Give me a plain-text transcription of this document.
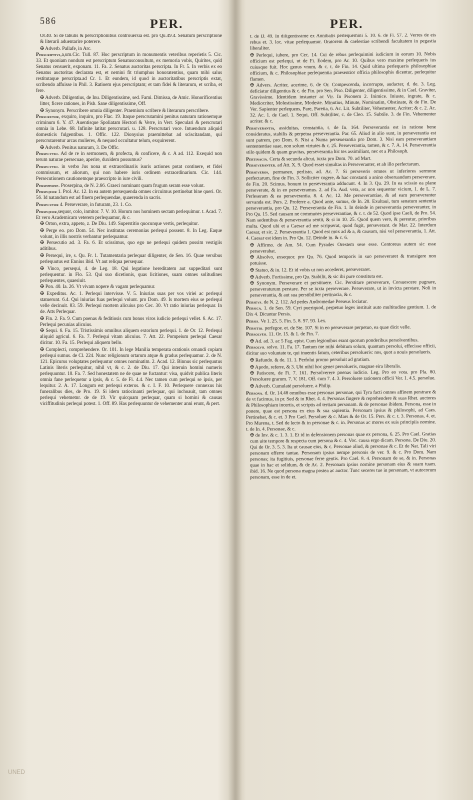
586	PER.	PER.

Or.40. Si de tabulis & perscriptionibus controuersia est. pro Qu.49.4. Senatum perscriptione & literarii aduentarire poterere.

✠ Adverb. Pallafe, in Arc.

Perscriptivs,a,um.Cic. Tull. 87. Hoc perscriptum in monumentis veteribus reperietis 5. Cic. 33. Et quoniam nondum est perscriptum Senatusconsultum, ex memoria vobis, Quirites, quid Senatus censuerit, exponam. 11. Fa. 2. Senatus auctoritas perscripta. In Fr. 5. In verbis ex eo Senatus auctoritas declarata est, et nemini fit triumphus honoratentius, quam mihi salus restitutaque perscripta.ad Cr. 1. Et eundem, id quod in auctoritatibus perscriptis extat, scribendo affuisse in Phil. 3. Ratioem ejus perscriptam; et tam fidei & literarum, et scriba, et fere.

✠ Adverb. Diligentius, de Inu. Diligentissime, sed. Fami. Dimissa, de Amic. Honorificentius litter, ficere rationes, in Pisb. Sane diligentissime, Off.

✠ Synonym. Perscribere omnia diligenter. Praemium scribere & literarum perscribere.

Perscrutor, exquiro, inquiro, pro Flac. 19. Itaque perscrutamini penitus naturam rationemque criminum 6. Y. 47. Auentisque Spoliatam Hectori & Verre, in Verr. Speculari & perscrutari omnia in Lebe. 68. Infinite latitat perscrutari. u. 128. Perscrutari voce. Intuendum aliquid domesticis fulgentibus. 1. Offic. 122. Dionysius praemittebat ad sciscitandam, qui perscrutarentur arcas mulieres, & nequod occultatur telum, exquirerent.

✠ Adverb. Penitus naturam, 3. De Offic.

Persecvtio. Ad de re in sermonem, & profecta, & conficere, & c. A ad. 112. Exequid non terum naturae persecuae, aperire, duxidem possumus?

Persecvtio. in verbo Jus nona ut extraordinariis isuris actiones potat continere, et fidei commissum, et aliorum, qui non habere iuris ordinem extraordinarium. Cic. 144. Persecutionem cautionemque praescripto in iure civili.

Persephone. Proserpina, de N. 2.66. Graeci nominant quam frugum seram esse volunt.

Persequor 1. Prol. Ac. 12. In ea autem persequenda omnes circuimus pertinebat bine queri. Or. 56. Id natandum est ad finem perlequendae, quaerenda in sacris.

Persecutor 4. Perseverare, in futuram, 23. 1. Co.

Persequor,sequor, colo, inmitor. 7. V. 10. Horum nos hominem sectam perlequimur. t. Acad. 7. Et vero Academicam veterem perlequamur, & c.

✠ Orton, extra, appeto, z. De Diu. 149. Superstitio quocunque vertis, perlequitur.

✠ Perge eo. pro Dom. 54. Nec institutas ceremonias perlequi possent. 8. In Leg. Eaque volunt, in illis nostris verbantur perlequamur.

✠ Persecutio ad. 3. Fa. 6. Et scissimus, quo ego ne perlequi quidem possim vestigiis aditibus.

✠ Persequi, ire, s. Qu. Fr. 1. Tutamentaria perlequar diligenter, de Sen. 16. Quae versibus perlequutus est Ennius ibid. Vt aut reliqua persequar.

✠ Vinco, persequi, 4. de Leg. 18. Qui legatione hereditatem aut suppeditari sunt perlequentur. in Flo. 53. Qui suo dicetionis, quas licitiones, suam omnes solitudines perlequentes, quaesiuit.

✠ Pon. 40. Ia. 26. Vt vivam nopere & vagam perlequamur.

✠ Expeditus. Ac. 1. Perlequi intervisse. V. 5. Iniurias suas per vos viriei ac perlequi statuerunt. 6.4. Qui iniurias fuas perlequi volunt. pro Dom. 49. Is mortem eius se perlequi velle decinuit. 83. 59. Perlequi mortem alicuius pro Cec. 30. Vt ratio iniurias perlequar. In de. Atts Perlequar.

✠ Fin. 2. Fa. 9. Cum poenas & feditiosis cum bonos viros iudicio perlequi vellet. 6. Ac. 17. Perlequi pecunias alicuius.

✠ Sequi. 6. Fa. 15. Tristissimis omnibus aliquem extorium perlequi. 1. de Or. 12. Perlequi aliquid agricul. 6. Fa. 7. Perlequi vitam alicuius. 7. Att. 22. Pompeium perlequi Caesar dicitur. 10. Fa. 15. Perlequi aliquem bello.

✠ Complecti, comprehendere. Or. 101. In lege Manilia temperata orationis ornandi copiam perlequi sumus. de Cl. 224. Nunc religionum ortarum atque & gradus perlequamur. 2. de N. 121. Epicurus voluptates perlequutur omnes nominatim. 2. Acad. 12. Binnus sic perlequutus Latinis literis perlequitur, nihil vt, & c. 2. de Diu. 17. Qui interuin homini numeris perlequuntur. 10. Fa. 7. Sed honestatem ne de quae ne fuctantur: visa, quidvit publica literis omnia fane perlequetur a ipsis, & c. 5. de Fi. 4.4. Nec tamen cum perlequi se ipsis, per lequitur. 2. A. 17. Longum est perlequi exteros. & c. I. F. 10. Perlequere connexus his funeralibus dies, de Pro. 19. Si idem ratiocinanti perlequar, qui inchoauit, tam omnes perlequi vehemetnr. de de 19. Vir quicquam perlequar, quam si homini & causas viciffitudinis perlequi potest. 1. Off. 89. Has perlequuntur de vehementer anni erunt, & pert.

t. de D. 49. In diligentissime ex Annibalis perlequemini 5. 10. 6. de Fi. 57. 2. Verres de eis rebus et. 3. loc. vitae perlequamur. Oratorem & caelestiae scribendi facultatem in pegastia liberaliter.

✠ Perlequi, iubere, pro Cec. 14. Cui de rebus perlequimini iudicium in eorum 10. Nobis officium est perlequi, ut de Fi. Eodem, pro Ar. 10. Quibus vero maxime perlequeris ius cuiusque fuit. Hoc genus vnum, & c. t. de Fin. 14. Quid ultima perlequeris philosophiae officium, & c. Philosophiae perlequentia praesentior officia philosophis dicentur, perlequitur flamen.

✠ Advers. Acriter, acerime, 6. de Or. Compescenda, incorrupte, audacter, d. de. 3. Leg. deficiatur diligentius & c. de Fin. pro Sen. Piso. Diligenter, diligentissime, & in Cael. Graviter, Gravissime. Identidem instanter ac Vir. In Pisonem 2. Inimice. Iniuste, ingrate, & c. Mediocriter, Molestissime, Modeste. Minutius, Minute, Nominatim, Obstinate, & de Fin. De Ver. Sapienter perlequens, Pare, Paretia, 6. Ac. Lit. Subtiliter, Vehementer, Acriter; & c. 2. Ac. 32. Ac. 1. de Cael. 1. Sequi, Off. Subtiliter, c. de Cleo. 15. Subtile. 3. de Fin. Vehementer acriter. & c.

Perseverantia, assiduitas, constantia, t. de In. 164. Perseverantia est in ratione bene consideratus, stabilis & perpetua perseverantia. Par. 65. Aliud in alio sunt, in perseverantia est sunt patrem, pro Dom. 8. Nisi a Numa perseuerantia pro Dom. 3. Nisi eam perseverantiam sentententiae suae, non solum virtutes & c. 25. Perseverantia, tamen, & c. 7. A. 14. Perseverantia stilo quidem & quam gravitas, perseverantia hic tes assimiliant, nec et a Philosoph.

Pertinacia. Certa & secunda alicui, iuxta pro Dom. 70. ad Mart.

Perseveranter. ad Att. X. 9. Quod esset simultas in Perseveranter, et ab illo perfectarum.

Perseveros, permaneo, perlisto, ad. Ac. 7. Si perseveris omnes ut inferiores sermone perfectarum, fine de Fin. 3. Solliciter cogere, & hac constanti a anino obseruandum perseverare. de Fin. 20. Scimus, bonum in perseverantia adducunt. 4. In 3. Qu. 29. In ea scissio ea plane perseverate, & in eo perseveramus. 2. ad Fa. Aud. vera, ac non sequentur vicium, 1. de L. 7. Perleseram & ea perseverantia. 8. 4. Ac. 12. Me perseverantiae, & ad eam perseveranter servanda est. Pers. 2. Proferre a. Quod ante, sumus, de In. 20. Exultaui, tum senatum sententia perseverantia, pro Qu. 12. Perseverantia de Fin. 1. In deinde in perseverantia perseveranter, in Pro Qu. 15. Sed causam ne communes perseverantiae, & c. t. de 52. Quod ipse Caeli, de Pro. 54. Nam sedentibus & perseverantia sentit, & si in 10. 25. Quod quem vero, & pereutur, prioribus multa. Quod ubi et a Caesar ad me scripserat, quod fugit, perseverant. de Mar. 22. Interdum Caesar, et sic. 2. Perseverantia 1. Quod est mox ad & a, & causam, nisi vel perseverantia, 1. Att. 4. Caesar est idem in. Pro Qu. 12. Deinde in. & c. 6.

✠ Affirmo. de Am. 54. Cum Pyrades Orestem sese esse. Centoreus autem sic esse perseverabat.

✠ Absolvo, exsequor. pro Qu. 76. Quod temporis in suo perseveraret & transigere non potuisse.

✠ Statuo, & in. 12. Et id vobis ut non accederet, perseveraret.

✠ Adverb. Fortissime, pro Qu. Stabilit, & sic ibi pure constituta est.

✠ Synonym. Perseverare et perstituere. Cic. Perstitare perseverare, Corsuescere pugnare, perseveraturum perstare. Per se iuxta perseverare. Perseverare, ut in invicta perstare. Noli in perseverantia, & aut sua perstibiliter pertinacia, & c.

Persevs. de N. 2. 112. Ad pedes Andromedae Perseus lociatur.

Persica. 1. de Sen. 59. Cyri pueriquod, perpetuo leges instituit auto multitudine gentium. 1. de Dix 4. Dicuntur Persis.

Persis. Ve 1. 25. 5. Fin. 5. 8. 97. 93. Lex.

Persitio. perfegoe. et. de Ste. 107. Si in eo perseverare perpetuo, ea quae dicit velle.

Persolveo. 11. Or. 15. & 1. de Fin. 7.

✠ Ad. ad. 3. ac 5 Fag. epist. Cum legionibus erant quorum ponderibus persolventibus.

Persolvo. solvo. 11. Fa. 17. Tantum me mihi debitum solum, quantum persolui, effecisse officii, dicitur suo voluntate te, qui inuentis fatum, ceteribus persolueris: nos, quot a nouis persolueris.

✠ Refundo. & de. 11. 1. Perfolui promo persoluit ad gratiam.

✠ Apodo, referre, & 3. Ubi nihil hoc gener persolueris, magnae eira liberalis.

✠ Patiscere, de Fi. 7. 161. Persolverere poenas iudicio. Leg. Pro eo vota. pro Pla. 80. Persoluere grarum. 7. V. 181. Off. cum 7. 4. 3. Persoluere rationem officii Ver. 1. 4.5. persolue.

✠ Adverb. Cumulaté persoluere. a Philip.

Persona. d. Or. 14.48 omnibus esse personas personae, qui Tyra facti omnes affinem perstrare & de vt facimus, in pr. Sed & in Rhet. 4. 4. Personas fingere & reprehendere & suas Rhet. auctores & Philosophiam incertis, et scriptis ad tertiam personam. & de personae ibidem. Persona, esse in ponere, quae est persona ex eius & sua sapientia. Personam ipsius & philosophi, ad Caes. Pertinebat, & c. et. 3 Pro Cael. Persoluer & c. Mars & de Or. 15. Pers. & c. t. 3. Personas, 4. et. Pro Murena, t. Sed de lecto & in personae & c. in. Personas ac mores ex suis principiis nomine. t. de In. 4. Personae, & c.

✠ de Inv. & c. 1. 3. 1. Et id in defensionem personas quae ex persona, 6. 25. Pro Cael. Gratias cum uite tempore & respecta cum persona & c. 4. Voc. causa ergo dicam. Persona. De Diu. 20. Qui de Or. 3. 5. 3. Ita ut causae eius, & c. Personae aliud, & personae & c. Et de Nat. Tali viri personam efferre tantae. Personam ipsius nempe personis de ver. 9. & c. Pro Dom. Nam personas; ita fugitiuis, personae ferre gentis. Pro Cael. 8. 4. Personam de se, & in. Personas quae in hac et solidum, & de Ac. 2. Personam ipsius nomine personam eius & suam tuam. ibid. 16. Ne quod persona magna postea ac auctor. Tunc seceres tue in personam, vt autocorum personam, esse in de et.

UNED
